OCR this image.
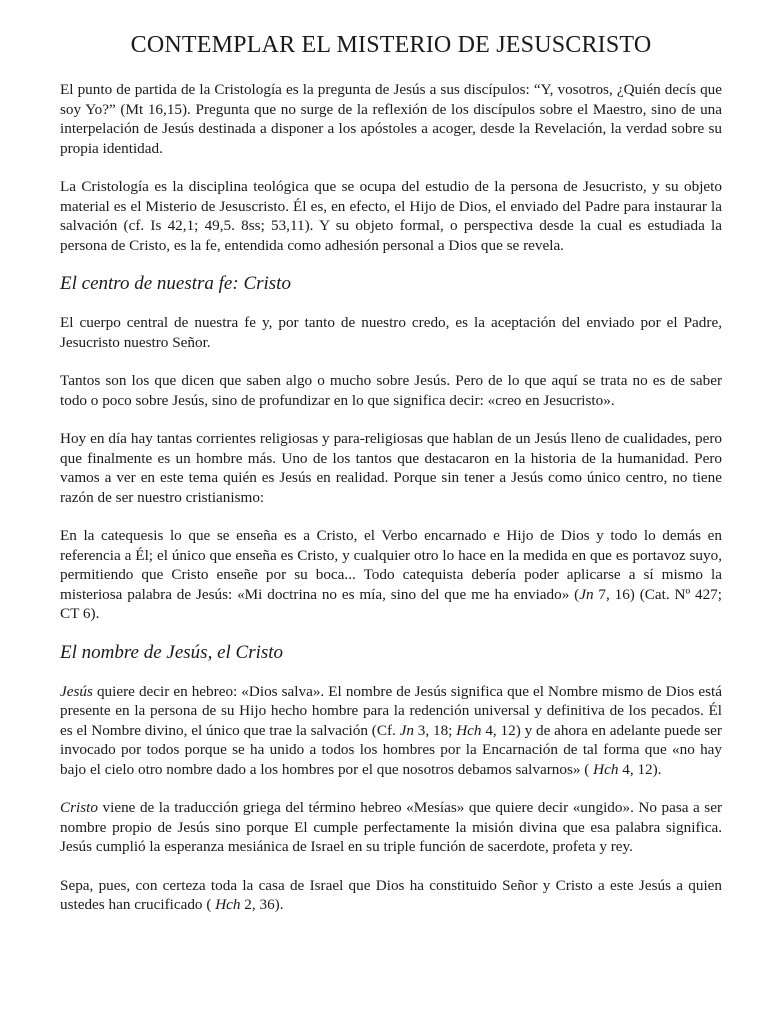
CONTEMPLAR EL MISTERIO DE JESUSCRISTO

El punto de partida de la Cristología es la pregunta de Jesús a sus discípulos: “Y, vosotros, ¿Quién decís que soy Yo?” (Mt 16,15). Pregunta que no surge de la reflexión de los discípulos sobre el Maestro, sino de una interpelación de Jesús destinada a disponer a los apóstoles a acoger, desde la Revelación, la verdad sobre su propia identidad.

La Cristología es la disciplina teológica que se ocupa del estudio de la persona de Jesucristo, y su objeto material es el Misterio de Jesuscristo. Él es, en efecto, el Hijo de Dios, el enviado del Padre para instaurar la salvación (cf. Is 42,1; 49,5. 8ss; 53,11). Y su objeto formal, o perspectiva desde la cual es estudiada la persona de Cristo, es la fe, entendida como adhesión personal a Dios que se revela.

El centro de nuestra fe: Cristo

El cuerpo central de nuestra fe y, por tanto de nuestro credo, es la aceptación del enviado por el Padre, Jesucristo nuestro Señor.

Tantos son los que dicen que saben algo o mucho sobre Jesús. Pero de lo que aquí se trata no es de saber todo o poco sobre Jesús, sino de profundizar en lo que significa decir: «creo en Jesucristo».

Hoy en día hay tantas corrientes religiosas y para-religiosas que hablan de un Jesús lleno de cualidades, pero que finalmente es un hombre más. Uno de los tantos que destacaron en la historia de la humanidad. Pero vamos a ver en este tema quién es Jesús en realidad. Porque sin tener a Jesús como único centro, no tiene razón de ser nuestro cristianismo:

En la catequesis lo que se enseña es a Cristo, el Verbo encarnado e Hijo de Dios y todo lo demás en referencia a Él; el único que enseña es Cristo, y cualquier otro lo hace en la medida en que es portavoz suyo, permitiendo que Cristo enseñe por su boca... Todo catequista debería poder aplicarse a sí mismo la misteriosa palabra de Jesús: «Mi doctrina no es mía, sino del que me ha enviado» (Jn 7, 16) (Cat. Nº 427; CT 6).

El nombre de Jesús, el Cristo

Jesús quiere decir en hebreo: «Dios salva». El nombre de Jesús significa que el Nombre mismo de Dios está presente en la persona de su Hijo hecho hombre para la redención universal y definitiva de los pecados. Él es el Nombre divino, el único que trae la salvación (Cf. Jn 3, 18; Hch 4, 12) y de ahora en adelante puede ser invocado por todos porque se ha unido a todos los hombres por la Encarnación de tal forma que «no hay bajo el cielo otro nombre dado a los hombres por el que nosotros debamos salvarnos» ( Hch 4, 12).

Cristo viene de la traducción griega del término hebreo «Mesías» que quiere decir «ungido». No pasa a ser nombre propio de Jesús sino porque El cumple perfectamente la misión divina que esa palabra significa. Jesús cumplió la esperanza mesiánica de Israel en su triple función de sacerdote, profeta y rey.

Sepa, pues, con certeza toda la casa de Israel que Dios ha constituido Señor y Cristo a este Jesús a quien ustedes han crucificado ( Hch 2, 36).
